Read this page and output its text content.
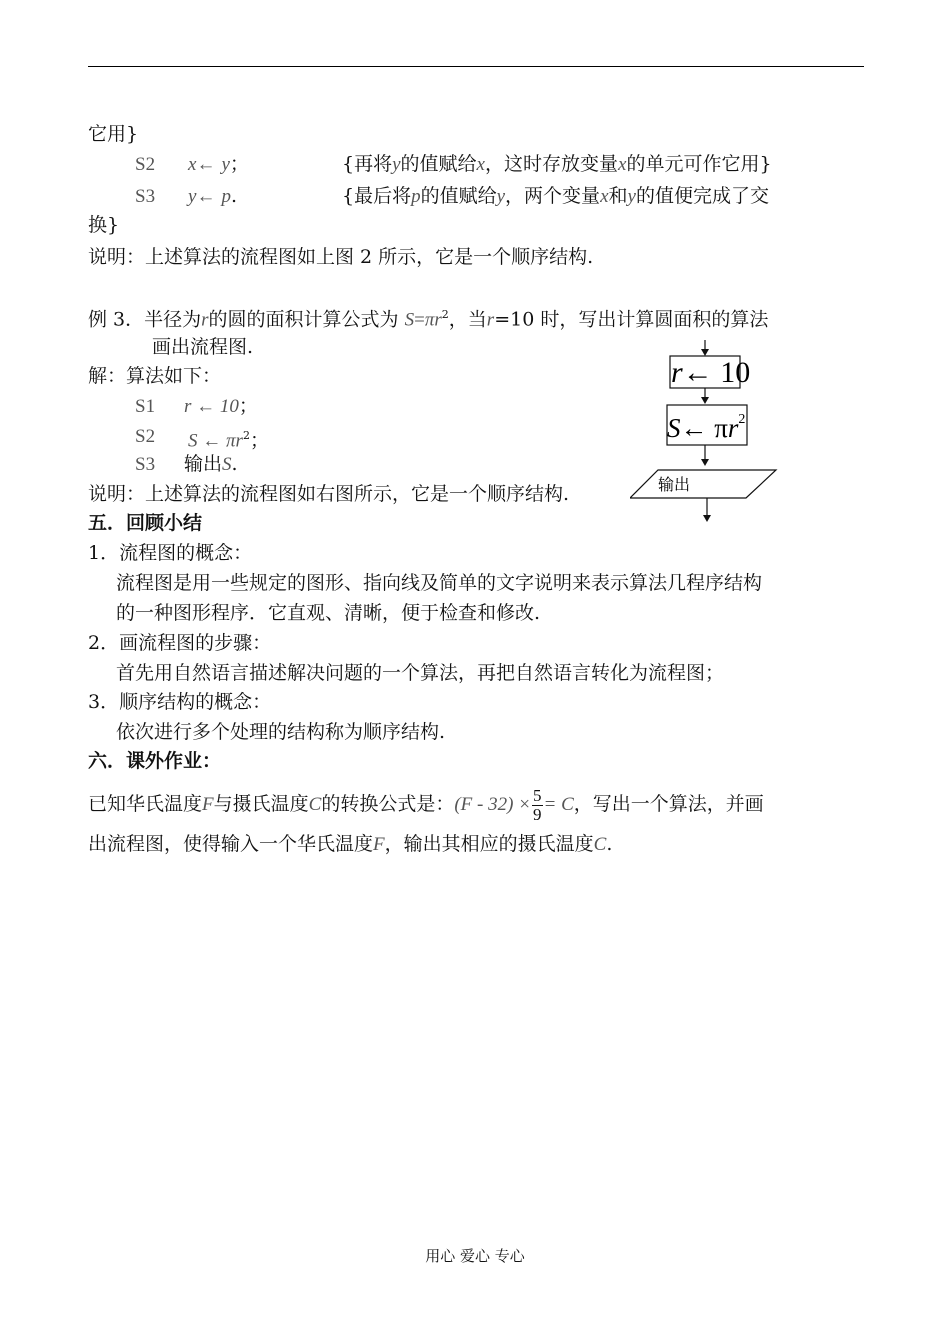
它用}
S2 x← y；	{再将y的值赋给x，这时存放变量x的单元可作它用}
S3 y← p.	{最后将p的值赋给y，两个变量x和y的值便完成了交
换}
说明：上述算法的流程图如上图 2 所示，它是一个顺序结构.
例 3．半径为r的圆的面积计算公式为 $S=\pi r^2$，当r=10 时，写出计算圆面积的算法
画出流程图.
解：算法如下：
S1 r ← 10；
S2 S ← $\pi r^2$；
S3 输出S.
说明：上述算法的流程图如右图所示，它是一个顺序结构.
r← 10
S← $\pi r^2$
输出
五．回顾小结
1．流程图的概念：
流程图是用一些规定的图形、指向线及简单的文字说明来表示算法几程序结构
的一种图形程序．它直观、清晰，便于检查和修改.
2．画流程图的步骤：
首先用自然语言描述解决问题的一个算法，再把自然语言转化为流程图；
3．顺序结构的概念：
依次进行多个处理的结构称为顺序结构.
六．课外作业：
已知华氏温度F与摄氏温度C的转换公式是：$(F - 32) \times \frac{5}{9} = C$，写出一个算法，并画
出流程图，使得输入一个华氏温度F，输出其相应的摄氏温度C.
用心 爱心 专心
